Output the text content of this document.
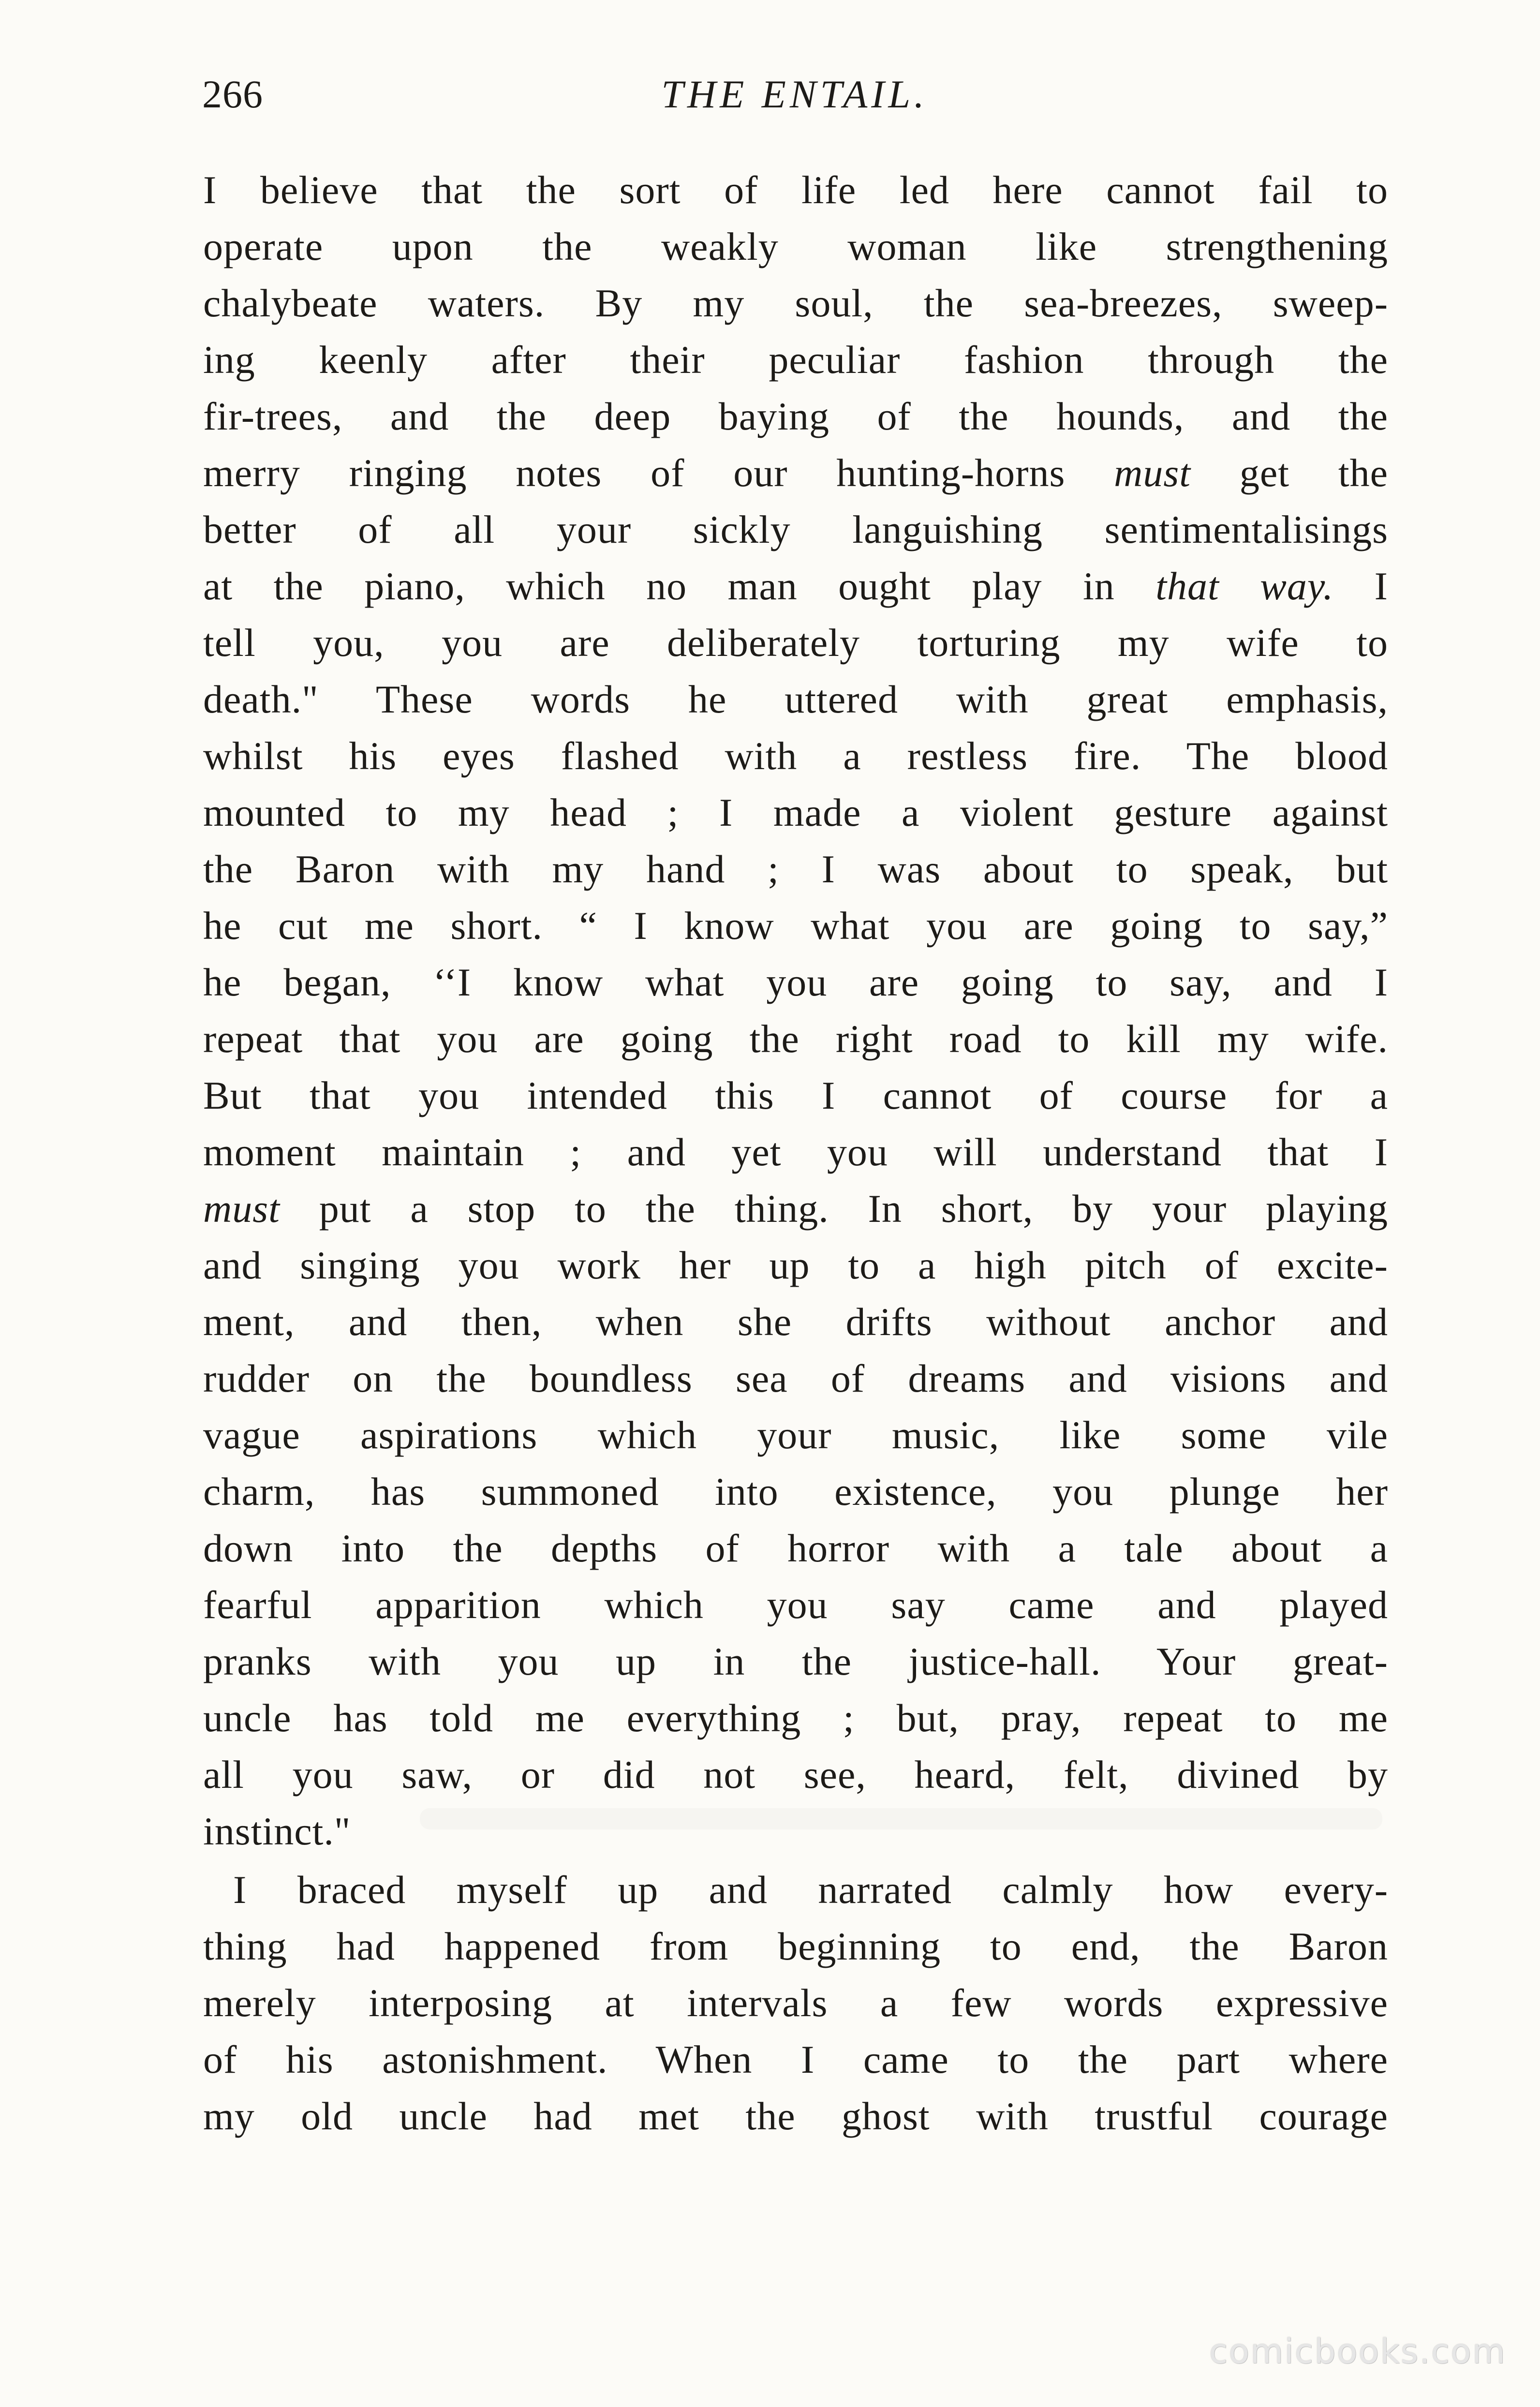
266	THE ENTAIL.

I believe that the sort of life led here cannot fail to
operate upon the weakly woman like strengthening
chalybeate waters. By my soul, the sea-breezes, sweep-
ing keenly after their peculiar fashion through the
fir-trees, and the deep baying of the hounds, and the
merry ringing notes of our hunting-horns must get the
better of all your sickly languishing sentimentalisings
at the piano, which no man ought play in that way. I
tell you, you are deliberately torturing my wife to
death." These words he uttered with great emphasis,
whilst his eyes flashed with a restless fire. The blood
mounted to my head ; I made a violent gesture against
the Baron with my hand ; I was about to speak, but
he cut me short. “ I know what you are going to say,”
he began, ‘‘I know what you are going to say, and I
repeat that you are going the right road to kill my wife.
But that you intended this I cannot of course for a
moment maintain ; and yet you will understand that I
must put a stop to the thing. In short, by your playing
and singing you work her up to a high pitch of excite-
ment, and then, when she drifts without anchor and
rudder on the boundless sea of dreams and visions and
vague aspirations which your music, like some vile
charm, has summoned into existence, you plunge her
down into the depths of horror with a tale about a
fearful apparition which you say came and played
pranks with you up in the justice-hall. Your great-
uncle has told me everything ; but, pray, repeat to me
all you saw, or did not see, heard, felt, divined by
instinct."

I braced myself up and narrated calmly how every-
thing had happened from beginning to end, the Baron
merely interposing at intervals a few words expressive
of his astonishment. When I came to the part where
my old uncle had met the ghost with trustful courage

comicbooks.com
